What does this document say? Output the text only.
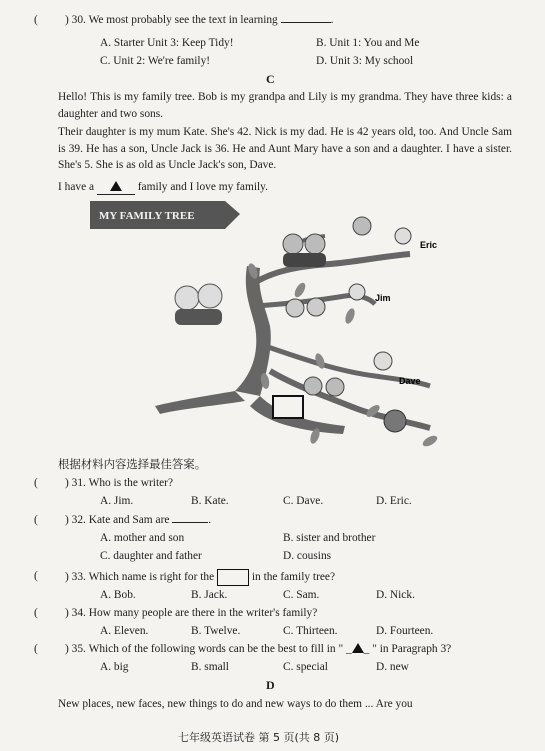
( ) 30. We most probably see the text in learning	.
A. Starter Unit 3: Keep Tidy!	B. Unit 1: You and Me
C. Unit 2: We're family!	D. Unit 3: My school
C
Hello! This is my family tree. Bob is my grandpa and Lily is my grandma. They have three kids: a daughter and two sons.
Their daughter is my mum Kate. She's 42. Nick is my dad. He is 42 years old, too. And Uncle Sam is 39. He has a son, Uncle Jack is 36. He and Aunt Mary have a son and a daughter. I have a sister. She's 5. She is as old as Uncle Jack's son, Dave.
I have a	family and I love my family.
MY FAMILY TREE
Eric
Jim
Dave
根据材料内容选择最佳答案。
( ) 31. Who is the writer?
A. Jim.	B. Kate.	C. Dave.	D. Eric.
( ) 32. Kate and Sam are	.
A. mother and son	B. sister and brother
C. daughter and father	D. cousins
( ) 33. Which name is right for the	in the family tree?
A. Bob.	B. Jack.	C. Sam.	D. Nick.
( ) 34. How many people are there in the writer's family?
A. Eleven.	B. Twelve.	C. Thirteen.	D. Fourteen.
( ) 35. Which of the following words can be the best to fill in " _ _ " in Paragraph 3?
A. big	B. small	C. special	D. new
D
New places, new faces, new things to do and new ways to do them ... Are you
七年级英语试卷 第 5 页(共 8 页)
